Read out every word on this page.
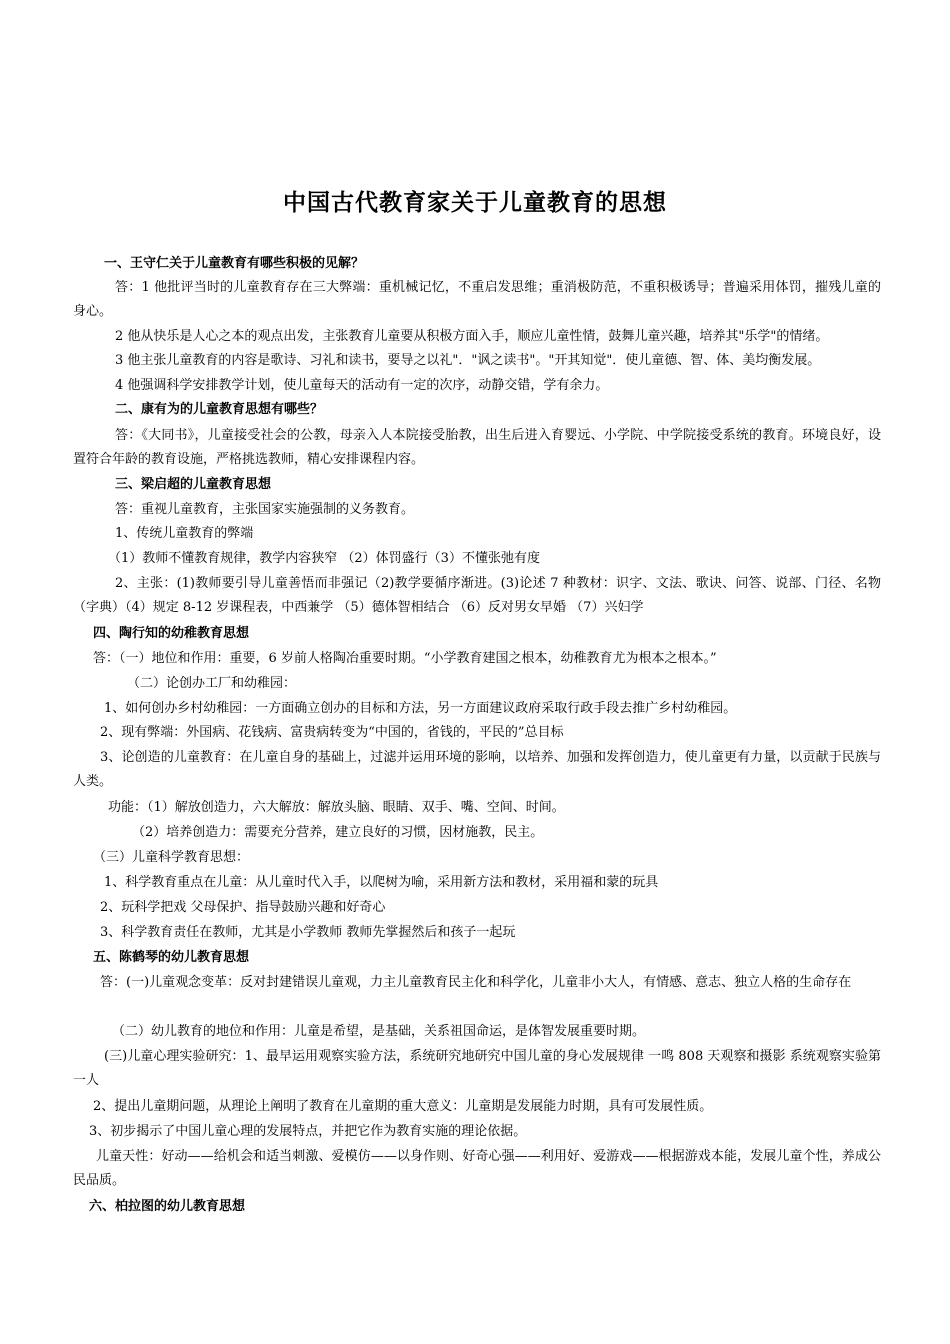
中国古代教育家关于儿童教育的思想
一、王守仁关于儿童教育有哪些积极的见解？
答：1 他批评当时的儿童教育存在三大弊端：重机械记忆，不重启发思维；重消极防范，不重积极诱导；普遍采用体罚，摧残儿童的身心。
2 他从快乐是人心之本的观点出发，主张教育儿童要从积极方面入手，顺应儿童性情，鼓舞儿童兴趣，培养其"乐学"的情绪。
3 他主张儿童教育的内容是歌诗、习礼和读书，要导之以礼"．"讽之读书"。"开其知觉"．使儿童德、智、体、美均衡发展。
4 他强调科学安排教学计划，使儿童每天的活动有一定的次序，动静交错，学有余力。
二、康有为的儿童教育思想有哪些？
答：《大同书》，儿童接受社会的公教，母亲入人本院接受胎教，出生后进入育婴远、小学院、中学院接受系统的教育。环境良好，设置符合年龄的教育设施，严格挑选教师，精心安排课程内容。
三、梁启超的儿童教育思想
答：重视儿童教育，主张国家实施强制的义务教育。
1、传统儿童教育的弊端
（1）教师不懂教育规律，教学内容狭窄 （2）体罚盛行（3）不懂张弛有度
2、主张：(1)教师要引导儿童善悟而非强记（2)教学要循序渐进。(3)论述 7 种教材：识字、文法、歌诀、问答、说部、门径、名物（字典）（4）规定 8-12 岁课程表，中西兼学 （5）德体智相结合 （6）反对男女早婚 （7）兴妇学
四、陶行知的幼稚教育思想
答：（一）地位和作用：重要，6 岁前人格陶冶重要时期。“小学教育建国之根本，幼稚教育尤为根本之根本。”
（二）论创办工厂和幼稚园：
1、如何创办乡村幼稚园：一方面确立创办的目标和方法，另一方面建议政府采取行政手段去推广乡村幼稚园。
2、现有弊端：外国病、花钱病、富贵病转变为“中国的，省钱的，平民的”总目标
3、论创造的儿童教育：在儿童自身的基础上，过滤并运用环境的影响，以培养、加强和发挥创造力，使儿童更有力量，以贡献于民族与人类。
功能：（1）解放创造力，六大解放：解放头脑、眼睛、双手、嘴、空间、时间。
（2）培养创造力：需要充分营养，建立良好的习惯，因材施教，民主。
（三）儿童科学教育思想：
1、科学教育重点在儿童：从儿童时代入手，以爬树为喻，采用新方法和教材，采用福和蒙的玩具
2、玩科学把戏 父母保护、指导鼓励兴趣和好奇心
3、科学教育责任在教师，尤其是小学教师 教师先掌握然后和孩子一起玩
五、陈鹤琴的幼儿教育思想
答：(一)儿童观念变革：反对封建错误儿童观，力主儿童教育民主化和科学化，儿童非小大人，有情感、意志、独立人格的生命存在
（二）幼儿教育的地位和作用：儿童是希望，是基础，关系祖国命运，是体智发展重要时期。
(三)儿童心理实验研究：1、最早运用观察实验方法，系统研究地研究中国儿童的身心发展规律 一鸣 808 天观察和摄影 系统观察实验第一人
2、提出儿童期问题，从理论上阐明了教育在儿童期的重大意义：儿童期是发展能力时期，具有可发展性质。
3、初步揭示了中国儿童心理的发展特点，并把它作为教育实施的理论依据。
儿童天性：好动——给机会和适当刺激、爱模仿——以身作则、好奇心强——利用好、爱游戏——根据游戏本能，发展儿童个性，养成公民品质。
六、柏拉图的幼儿教育思想
